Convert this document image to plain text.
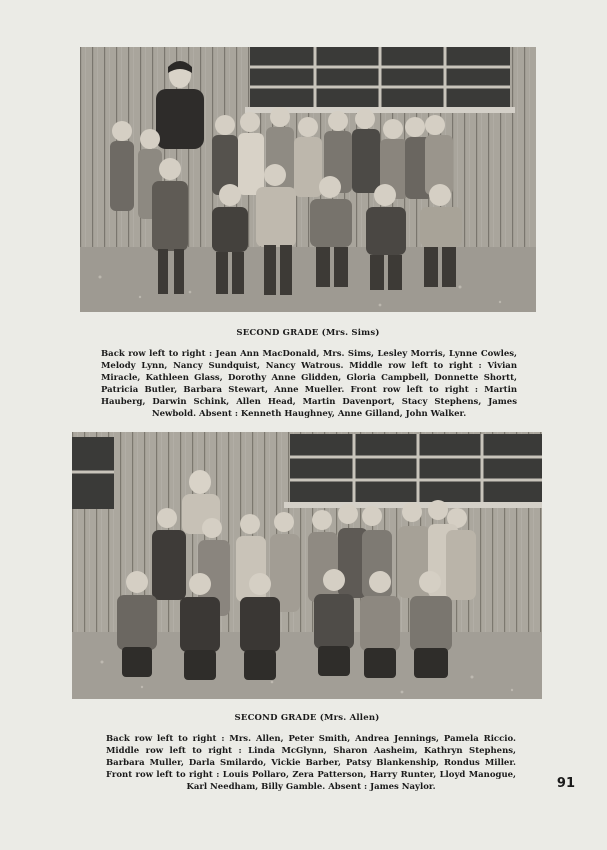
SECOND GRADE (Mrs. Sims)
Back row left to right : Jean Ann MacDonald, Mrs. Sims, Lesley Morris, Lynne Cowles, Melody Lynn, Nancy Sundquist, Nancy Watrous. Middle row left to right : Vivian Miracle, Kathleen Glass, Dorothy Anne Glidden, Gloria Campbell, Donnette Shortt, Patricia Butler, Barbara Stewart, Anne Mueller. Front row left to right : Martin Hauberg, Darwin Schink, Allen Head, Martin Davenport, Stacy Stephens, James Newbold. Absent : Kenneth Haughney, Anne Gilland, John Walker.
SECOND GRADE (Mrs. Allen)
Back row left to right : Mrs. Allen, Peter Smith, Andrea Jennings, Pamela Riccio. Middle row left to right : Linda McGlynn, Sharon Aasheim, Kathryn Stephens, Barbara Muller, Darla Smilardo, Vickie Barber, Patsy Blankenship, Rondus Miller. Front row left to right : Louis Pollaro, Zera Patterson, Harry Runter, Lloyd Manogue, Karl Needham, Billy Gamble. Absent : James Naylor.	91
